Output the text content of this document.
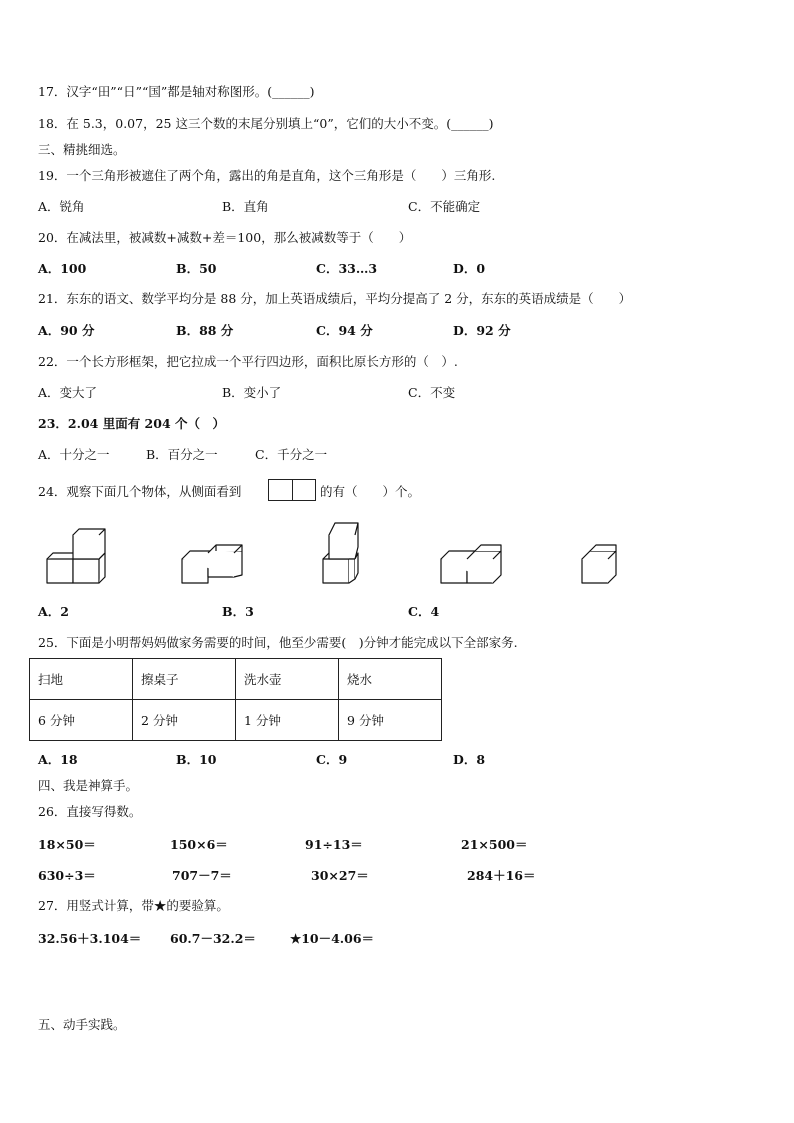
17．汉字“田”“日”“国”都是轴对称图形。(______)
18．在 5.3，0.07，25 这三个数的末尾分别填上“0”，它们的大小不变。(______)
三、精挑细选。
19．一个三角形被遮住了两个角，露出的角是直角，这个三角形是（　　）三角形.
A．锐角	B．直角	C．不能确定
20．在减法里，被减数+减数+差＝100，那么被减数等于（　　）
A．100	B．50	C．33…3	D．0
21．东东的语文、数学平均分是 88 分，加上英语成绩后，平均分提高了 2 分，东东的英语成绩是（　　）
A．90 分	B．88 分	C．94 分	D．92 分
22．一个长方形框架，把它拉成一个平行四边形，面积比原长方形的（　）.
A．变大了	B．变小了	C．不变
23．2.04 里面有 204 个（　）
A．十分之一	B．百分之一	C．千分之一
24．观察下面几个物体，从侧面看到	的有（　　）个。
A．2	B．3	C．4
25．下面是小明帮妈妈做家务需要的时间，他至少需要(　)分钟才能完成以下全部家务.
扫地	擦桌子	洗水壶	烧水
6 分钟	2 分钟	1 分钟	9 分钟
A．18	B．10	C．9	D．8
四、我是神算手。
26．直接写得数。
18×50＝	150×6＝	91÷13＝	21×500＝
630÷3＝	707－7＝	30×27＝	284＋16＝
27．用竖式计算，带★的要验算。
32.56＋3.104＝ 60.7－32.2＝	★10－4.06＝
五、动手实践。
